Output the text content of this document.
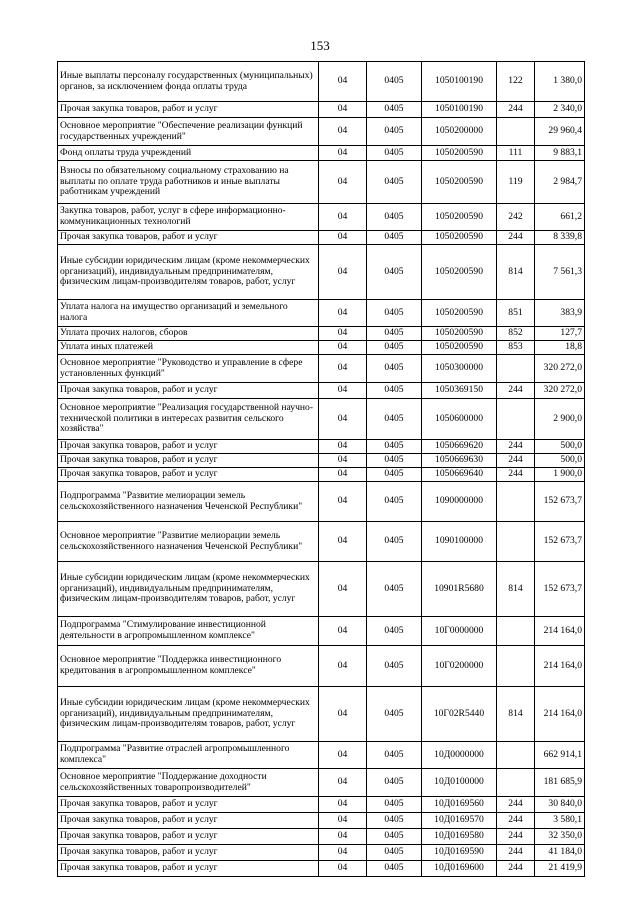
153
Иные выплаты персоналу государственных (муниципальных) органов, за исключением фонда оплаты труда	04	0405	1050100190	122	1 380,0
Прочая закупка товаров, работ и услуг	04	0405	1050100190	244	2 340,0
Основное мероприятие "Обеспечение реализации функций государственных учреждений"	04	0405	1050200000		29 960,4
Фонд оплаты труда учреждений	04	0405	1050200590	111	9 883,1
Взносы по обязательному социальному страхованию на выплаты по оплате труда работников и иные выплаты работникам учреждений	04	0405	1050200590	119	2 984,7
Закупка товаров, работ, услуг в сфере информационно-коммуникационных технологий	04	0405	1050200590	242	661,2
Прочая закупка товаров, работ и услуг	04	0405	1050200590	244	8 339,8
Иные субсидии юридическим лицам (кроме некоммерческих организаций), индивидуальным предпринимателям, физическим лицам-производителям товаров, работ, услуг	04	0405	1050200590	814	7 561,3
Уплата налога на имущество организаций и земельного налога	04	0405	1050200590	851	383,9
Уплата прочих налогов, сборов	04	0405	1050200590	852	127,7
Уплата иных платежей	04	0405	1050200590	853	18,8
Основное мероприятие "Руководство и управление в сфере установленных функций"	04	0405	1050300000		320 272,0
Прочая закупка товаров, работ и услуг	04	0405	1050369150	244	320 272,0
Основное мероприятие "Реализация государственной научно-технической политики в интересах развития сельского хозяйства"	04	0405	1050600000		2 900,0
Прочая закупка товаров, работ и услуг	04	0405	1050669620	244	500,0
Прочая закупка товаров, работ и услуг	04	0405	1050669630	244	500,0
Прочая закупка товаров, работ и услуг	04	0405	1050669640	244	1 900,0
Подпрограмма "Развитие мелиорации земель сельскохозяйственного назначения Чеченской Республики"	04	0405	1090000000		152 673,7
Основное мероприятие "Развитие мелиорации земель сельскохозяйственного назначения Чеченской Республики"	04	0405	1090100000		152 673,7
Иные субсидии юридическим лицам (кроме некоммерческих организаций), индивидуальным предпринимателям, физическим лицам-производителям товаров, работ, услуг	04	0405	10901R5680	814	152 673,7
Подпрограмма "Стимулирование инвестиционной деятельности в агропромышленном комплексе"	04	0405	10Г0000000		214 164,0
Основное мероприятие "Поддержка инвестиционного кредитования в агропромышленном комплексе"	04	0405	10Г0200000		214 164,0
Иные субсидии юридическим лицам (кроме некоммерческих организаций), индивидуальным предпринимателям, физическим лицам-производителям товаров, работ, услуг	04	0405	10Г02R5440	814	214 164,0
Подпрограмма "Развитие отраслей агропромышленного комплекса"	04	0405	10Д0000000		662 914,1
Основное мероприятие "Поддержание доходности сельскохозяйственных товаропроизводителей"	04	0405	10Д0100000		181 685,9
Прочая закупка товаров, работ и услуг	04	0405	10Д0169560	244	30 840,0
Прочая закупка товаров, работ и услуг	04	0405	10Д0169570	244	3 580,1
Прочая закупка товаров, работ и услуг	04	0405	10Д0169580	244	32 350,0
Прочая закупка товаров, работ и услуг	04	0405	10Д0169590	244	41 184,0
Прочая закупка товаров, работ и услуг	04	0405	10Д0169600	244	21 419,9
